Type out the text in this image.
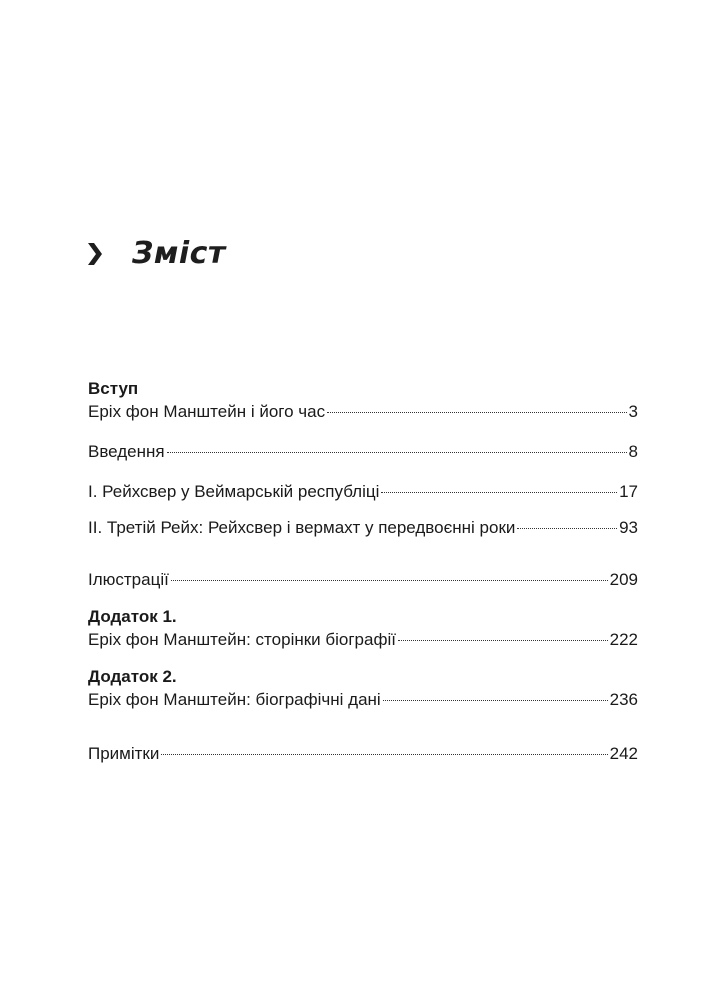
Зміст
Вступ
Еріх фон Манштейн і його час	3
Введення	8
I. Рейхсвер у Веймарській республіці	17
II. Третій Рейх: Рейхсвер і вермахт у передвоєнні роки	93
Ілюстрації	209
Додаток 1.
Еріх фон Манштейн: сторінки біографії	222
Додаток 2.
Еріх фон Манштейн: біографічні дані	236
Примітки	242
